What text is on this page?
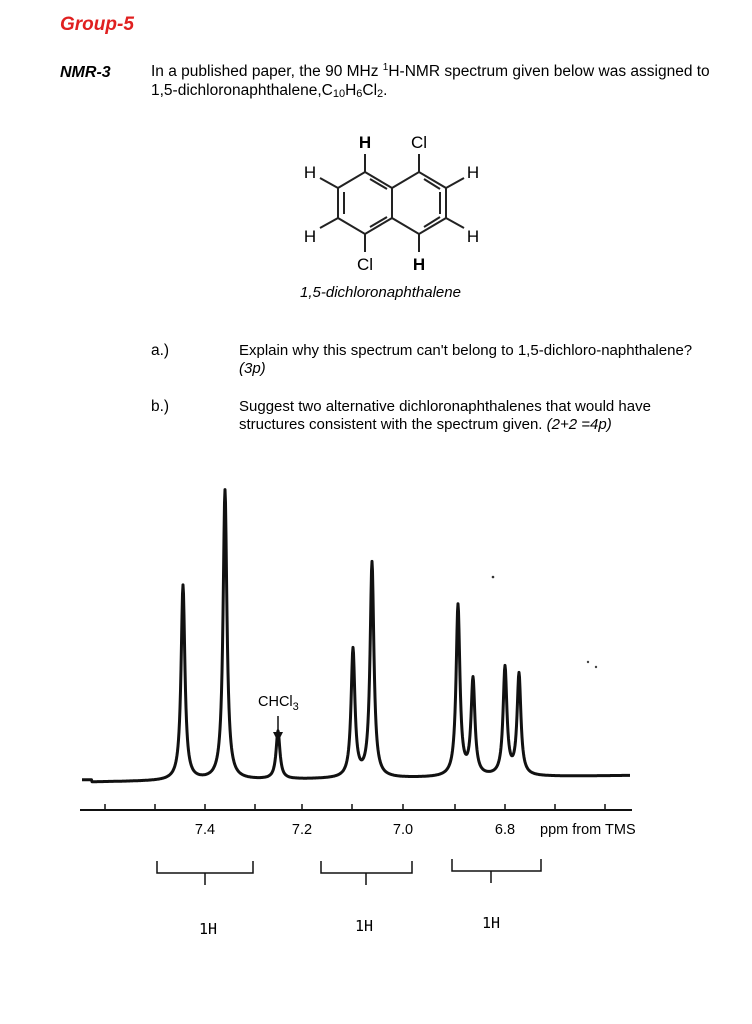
Group-5
NMR-3	In a published paper, the 90 MHz $^1$H-NMR spectrum given below was assigned to $1,5-dichloronaphthalene,C_{10}H_6Cl_2$.
H Cl
H	H
H	H
Cl H
1,5-dichloronaphthalene
a.)	Explain why this spectrum can't belong to 1,5-dichloro-naphthalene? (3p)
b.)	Suggest two alternative dichloronaphthalenes that would have structures consistent with the spectrum given. (2+2 =4p)
7.4	7.2	7.0	6.8 ppm from TMS
CHCl$_3$
1H	1H	1H
